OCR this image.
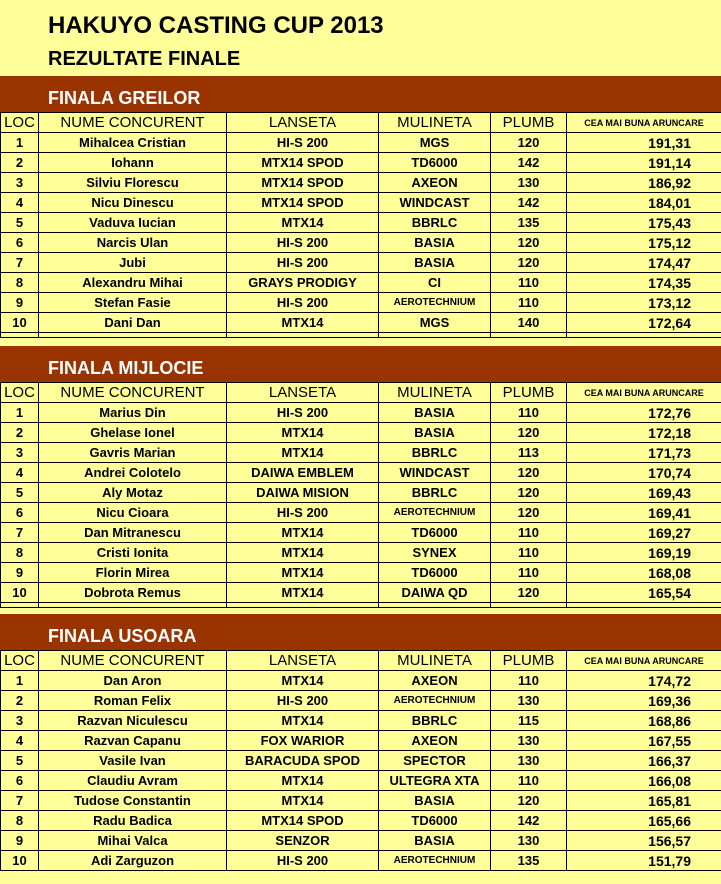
HAKUYO CASTING CUP 2013
REZULTATE FINALE
FINALA GREILOR
LOC	NUME CONCURENT	LANSETA	MULINETA	PLUMB	CEA MAI BUNA ARUNCARE
1	Mihalcea Cristian	HI-S 200	MGS	120	191,31
2	Iohann	MTX14 SPOD	TD6000	142	191,14
3	Silviu Florescu	MTX14 SPOD	AXEON	130	186,92
4	Nicu Dinescu	MTX14 SPOD	WINDCAST	142	184,01
5	Vaduva Iucian	MTX14	BBRLC	135	175,43
6	Narcis Ulan	HI-S 200	BASIA	120	175,12
7	Jubi	HI-S 200	BASIA	120	174,47
8	Alexandru Mihai	GRAYS PRODIGY	CI	110	174,35
9	Stefan Fasie	HI-S 200	AEROTECHNIUM	110	173,12
10	Dani Dan	MTX14	MGS	140	172,64

FINALA MIJLOCIE
LOC	NUME CONCURENT	LANSETA	MULINETA	PLUMB	CEA MAI BUNA ARUNCARE
1	Marius Din	HI-S 200	BASIA	110	172,76
2	Ghelase Ionel	MTX14	BASIA	120	172,18
3	Gavris Marian	MTX14	BBRLC	113	171,73
4	Andrei Colotelo	DAIWA EMBLEM	WINDCAST	120	170,74
5	Aly Motaz	DAIWA MISION	BBRLC	120	169,43
6	Nicu Cioara	HI-S 200	AEROTECHNIUM	120	169,41
7	Dan Mitranescu	MTX14	TD6000	110	169,27
8	Cristi Ionita	MTX14	SYNEX	110	169,19
9	Florin Mirea	MTX14	TD6000	110	168,08
10	Dobrota Remus	MTX14	DAIWA QD	120	165,54

FINALA USOARA
LOC	NUME CONCURENT	LANSETA	MULINETA	PLUMB	CEA MAI BUNA ARUNCARE
1	Dan Aron	MTX14	AXEON	110	174,72
2	Roman Felix	HI-S 200	AEROTECHNIUM	130	169,36
3	Razvan Niculescu	MTX14	BBRLC	115	168,86
4	Razvan Capanu	FOX WARIOR	AXEON	130	167,55
5	Vasile Ivan	BARACUDA SPOD	SPECTOR	130	166,37
6	Claudiu Avram	MTX14	ULTEGRA XTA	110	166,08
7	Tudose Constantin	MTX14	BASIA	120	165,81
8	Radu Badica	MTX14 SPOD	TD6000	142	165,66
9	Mihai Valca	SENZOR	BASIA	130	156,57
10	Adi Zarguzon	HI-S 200	AEROTECHNIUM	135	151,79
